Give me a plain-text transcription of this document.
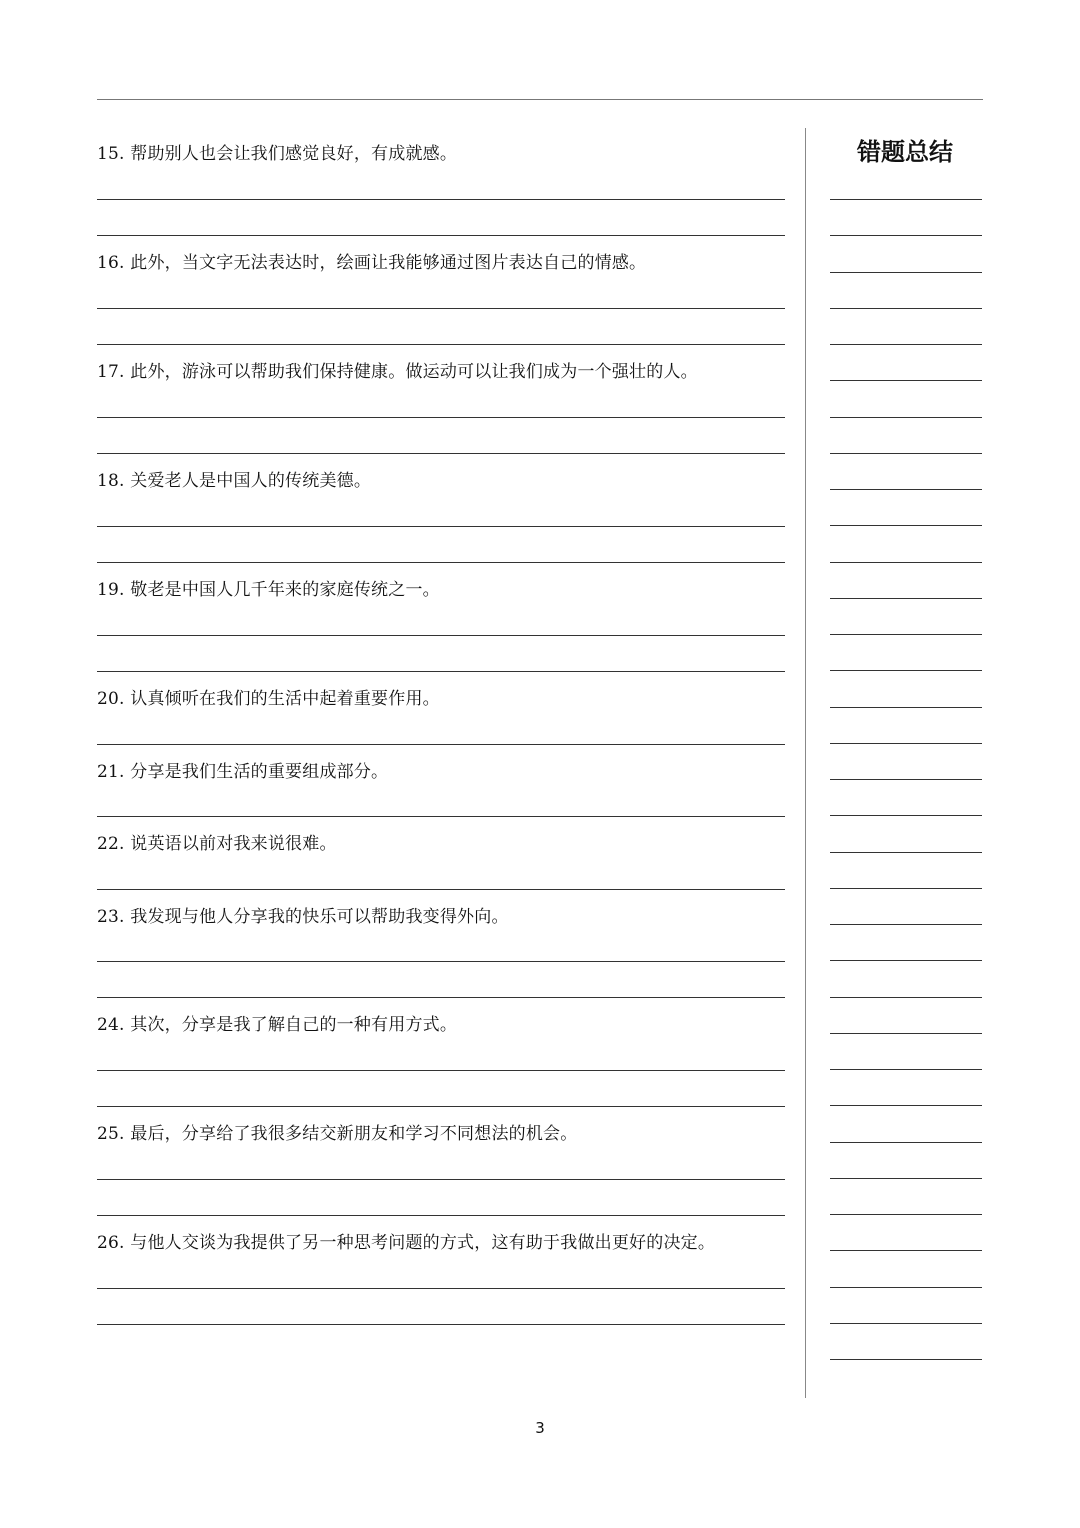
15. 帮助别人也会让我们感觉良好，有成就感。
16. 此外，当文字无法表达时，绘画让我能够通过图片表达自己的情感。
17. 此外，游泳可以帮助我们保持健康。做运动可以让我们成为一个强壮的人。
18. 关爱老人是中国人的传统美德。
19. 敬老是中国人几千年来的家庭传统之一。
20. 认真倾听在我们的生活中起着重要作用。
21. 分享是我们生活的重要组成部分。
22. 说英语以前对我来说很难。
23. 我发现与他人分享我的快乐可以帮助我变得外向。
24. 其次，分享是我了解自己的一种有用方式。
25. 最后，分享给了我很多结交新朋友和学习不同想法的机会。
26. 与他人交谈为我提供了另一种思考问题的方式，这有助于我做出更好的决定。
错题总结
3
